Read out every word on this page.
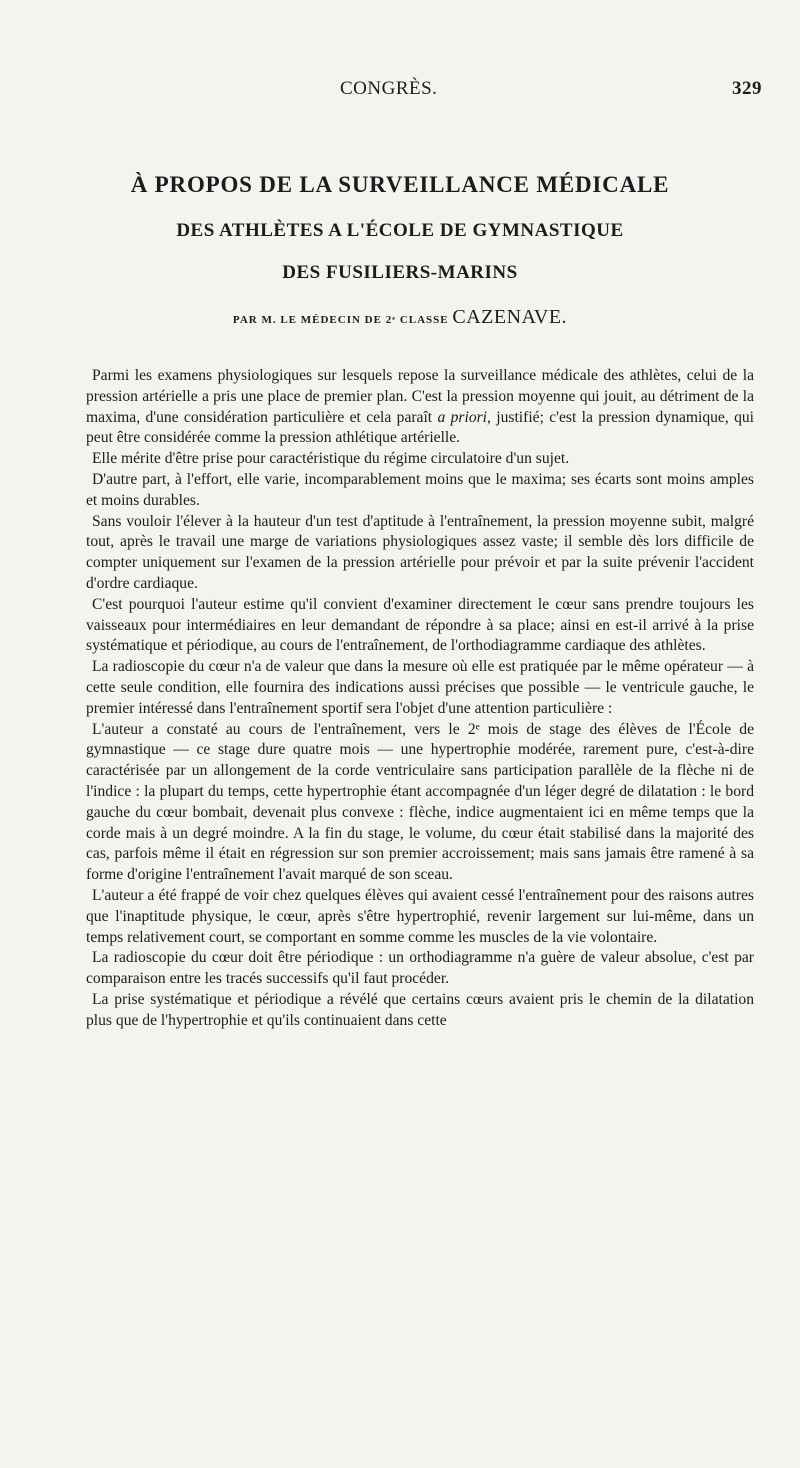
CONGRÈS.	329
À PROPOS DE LA SURVEILLANCE MÉDICALE
DES ATHLÈTES A L'ÉCOLE DE GYMNASTIQUE
DES FUSILIERS-MARINS
PAR M. LE MÉDECIN DE 2ᵉ CLASSE CAZENAVE.

Parmi les examens physiologiques sur lesquels repose la surveillance médicale des athlètes, celui de la pression artérielle a pris une place de premier plan. C'est la pression moyenne qui jouit, au détriment de la maxima, d'une considération particulière et cela paraît a priori, justifié; c'est la pression dynamique, qui peut être considérée comme la pression athlétique artérielle.

Elle mérite d'être prise pour caractéristique du régime circulatoire d'un sujet.

D'autre part, à l'effort, elle varie, incomparablement moins que le maxima; ses écarts sont moins amples et moins durables.

Sans vouloir l'élever à la hauteur d'un test d'aptitude à l'entraînement, la pression moyenne subit, malgré tout, après le travail une marge de variations physiologiques assez vaste; il semble dès lors difficile de compter uniquement sur l'examen de la pression artérielle pour prévoir et par la suite prévenir l'accident d'ordre cardiaque.

C'est pourquoi l'auteur estime qu'il convient d'examiner directement le cœur sans prendre toujours les vaisseaux pour intermédiaires en leur demandant de répondre à sa place; ainsi en est-il arrivé à la prise systématique et périodique, au cours de l'entraînement, de l'orthodiagramme cardiaque des athlètes.

La radioscopie du cœur n'a de valeur que dans la mesure où elle est pratiquée par le même opérateur — à cette seule condition, elle fournira des indications aussi précises que possible — le ventricule gauche, le premier intéressé dans l'entraînement sportif sera l'objet d'une attention particulière :

L'auteur a constaté au cours de l'entraînement, vers le 2ᵉ mois de stage des élèves de l'École de gymnastique — ce stage dure quatre mois — une hypertrophie modérée, rarement pure, c'est-à-dire caractérisée par un allongement de la corde ventriculaire sans participation parallèle de la flèche ni de l'indice : la plupart du temps, cette hypertrophie étant accompagnée d'un léger degré de dilatation : le bord gauche du cœur bombait, devenait plus convexe : flèche, indice augmentaient ici en même temps que la corde mais à un degré moindre. A la fin du stage, le volume, du cœur était stabilisé dans la majorité des cas, parfois même il était en régression sur son premier accroissement; mais sans jamais être ramené à sa forme d'origine l'entraînement l'avait marqué de son sceau.

L'auteur a été frappé de voir chez quelques élèves qui avaient cessé l'entraînement pour des raisons autres que l'inaptitude physique, le cœur, après s'être hypertrophié, revenir largement sur lui-même, dans un temps relativement court, se comportant en somme comme les muscles de la vie volontaire.

La radioscopie du cœur doit être périodique : un orthodiagramme n'a guère de valeur absolue, c'est par comparaison entre les tracés successifs qu'il faut procéder.

La prise systématique et périodique a révélé que certains cœurs avaient pris le chemin de la dilatation plus que de l'hypertrophie et qu'ils continuaient dans cette
